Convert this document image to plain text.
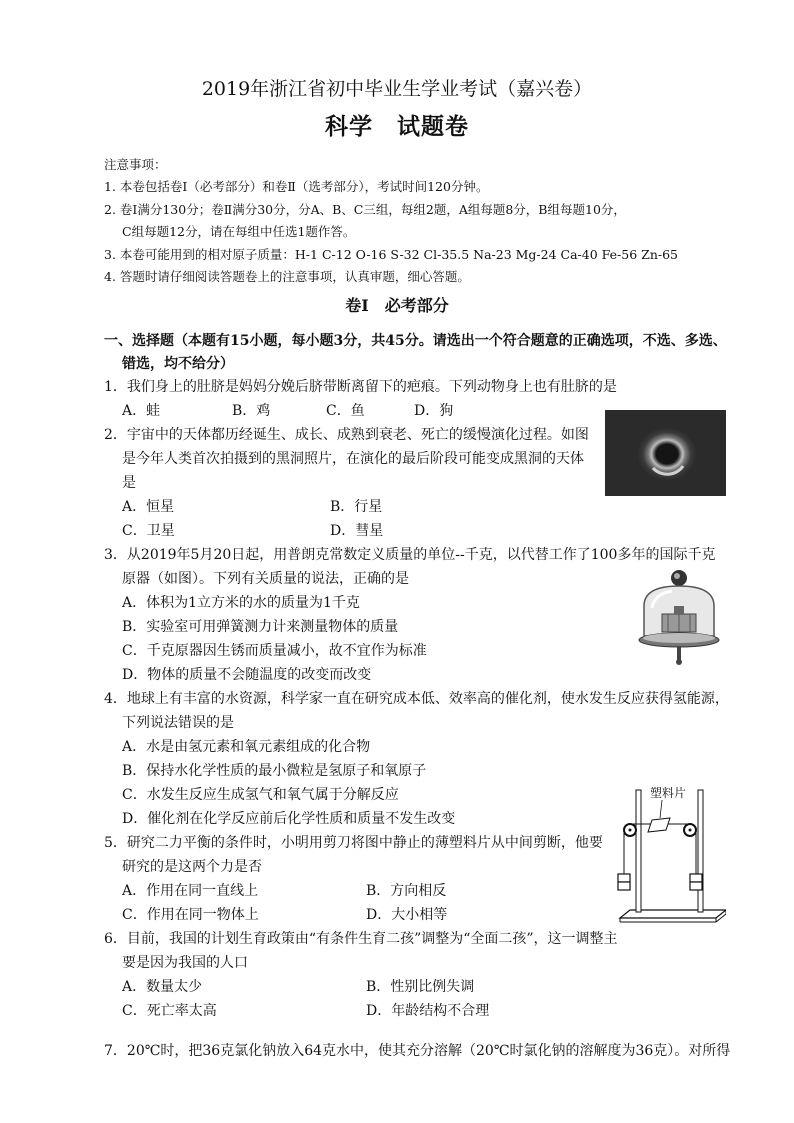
2019年浙江省初中毕业生学业考试（嘉兴卷）
科学　试题卷
注意事项：
1. 本卷包括卷Ⅰ（必考部分）和卷Ⅱ（选考部分），考试时间120分钟。
2. 卷Ⅰ满分130分；卷Ⅱ满分30分，分A、B、C三组，每组2题，A组每题8分，B组每题10分，
C组每题12分，请在每组中任选1题作答。
3. 本卷可能用到的相对原子质量：H-1 C-12 O-16 S-32 Cl-35.5 Na-23 Mg-24 Ca-40 Fe-56 Zn-65
4. 答题时请仔细阅读答题卷上的注意事项，认真审题，细心答题。
卷Ⅰ　必考部分
一、选择题（本题有15小题，每小题3分，共45分。请选出一个符合题意的正确选项，不选、多选、
错选，均不给分）
1．我们身上的肚脐是妈妈分娩后脐带断离留下的疤痕。下列动物身上也有肚脐的是
A．蛙	B．鸡	C．鱼	D．狗
2．宇宙中的天体都历经诞生、成长、成熟到衰老、死亡的缓慢演化过程。如图
是今年人类首次拍摄到的黑洞照片，在演化的最后阶段可能变成黑洞的天体
是
A．恒星	B．行星
C．卫星	D．彗星
3．从2019年5月20日起，用普朗克常数定义质量的单位--千克，以代替工作了100多年的国际千克
原器（如图）。下列有关质量的说法，正确的是
A．体积为1立方米的水的质量为1千克
B．实验室可用弹簧测力计来测量物体的质量
C．千克原器因生锈而质量减小，故不宜作为标准
D．物体的质量不会随温度的改变而改变
4．地球上有丰富的水资源，科学家一直在研究成本低、效率高的催化剂，使水发生反应获得氢能源，
下列说法错误的是
A．水是由氢元素和氧元素组成的化合物
B．保持水化学性质的最小微粒是氢原子和氧原子
C．水发生反应生成氢气和氧气属于分解反应
D．催化剂在化学反应前后化学性质和质量不发生改变
5．研究二力平衡的条件时，小明用剪刀将图中静止的薄塑料片从中间剪断，他要
研究的是这两个力是否
A．作用在同一直线上	B．方向相反
C．作用在同一物体上	D．大小相等
塑料片
6．目前，我国的计划生育政策由“有条件生育二孩”调整为“全面二孩”，这一调整主
要是因为我国的人口
A．数量太少	B．性别比例失调
C．死亡率太高	D．年龄结构不合理
7．20℃时，把36克氯化钠放入64克水中，使其充分溶解（20℃时氯化钠的溶解度为36克）。对所得
